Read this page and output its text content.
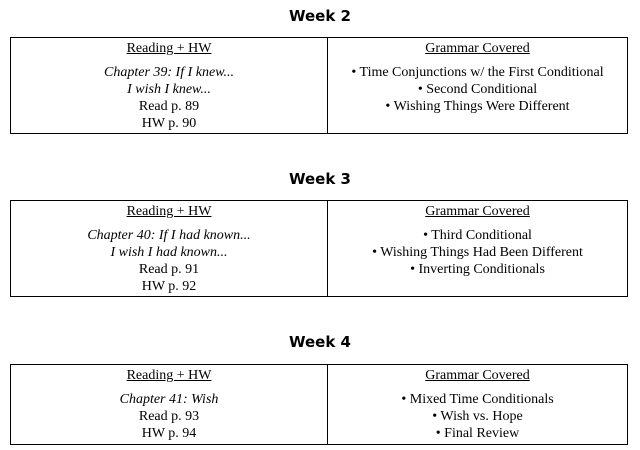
Week 2
Reading + HW
Chapter 39: If I knew...
I wish I knew...
Read p. 89
HW p. 90
Grammar Covered
• Time Conjunctions w/ the First Conditional
• Second Conditional
• Wishing Things Were Different
Week 3
Reading + HW
Chapter 40: If I had known...
I wish I had known...
Read p. 91
HW p. 92
Grammar Covered
• Third Conditional
• Wishing Things Had Been Different
• Inverting Conditionals
Week 4
Reading + HW
Chapter 41: Wish
Read p. 93
HW p. 94
Grammar Covered
• Mixed Time Conditionals
• Wish vs. Hope
• Final Review
